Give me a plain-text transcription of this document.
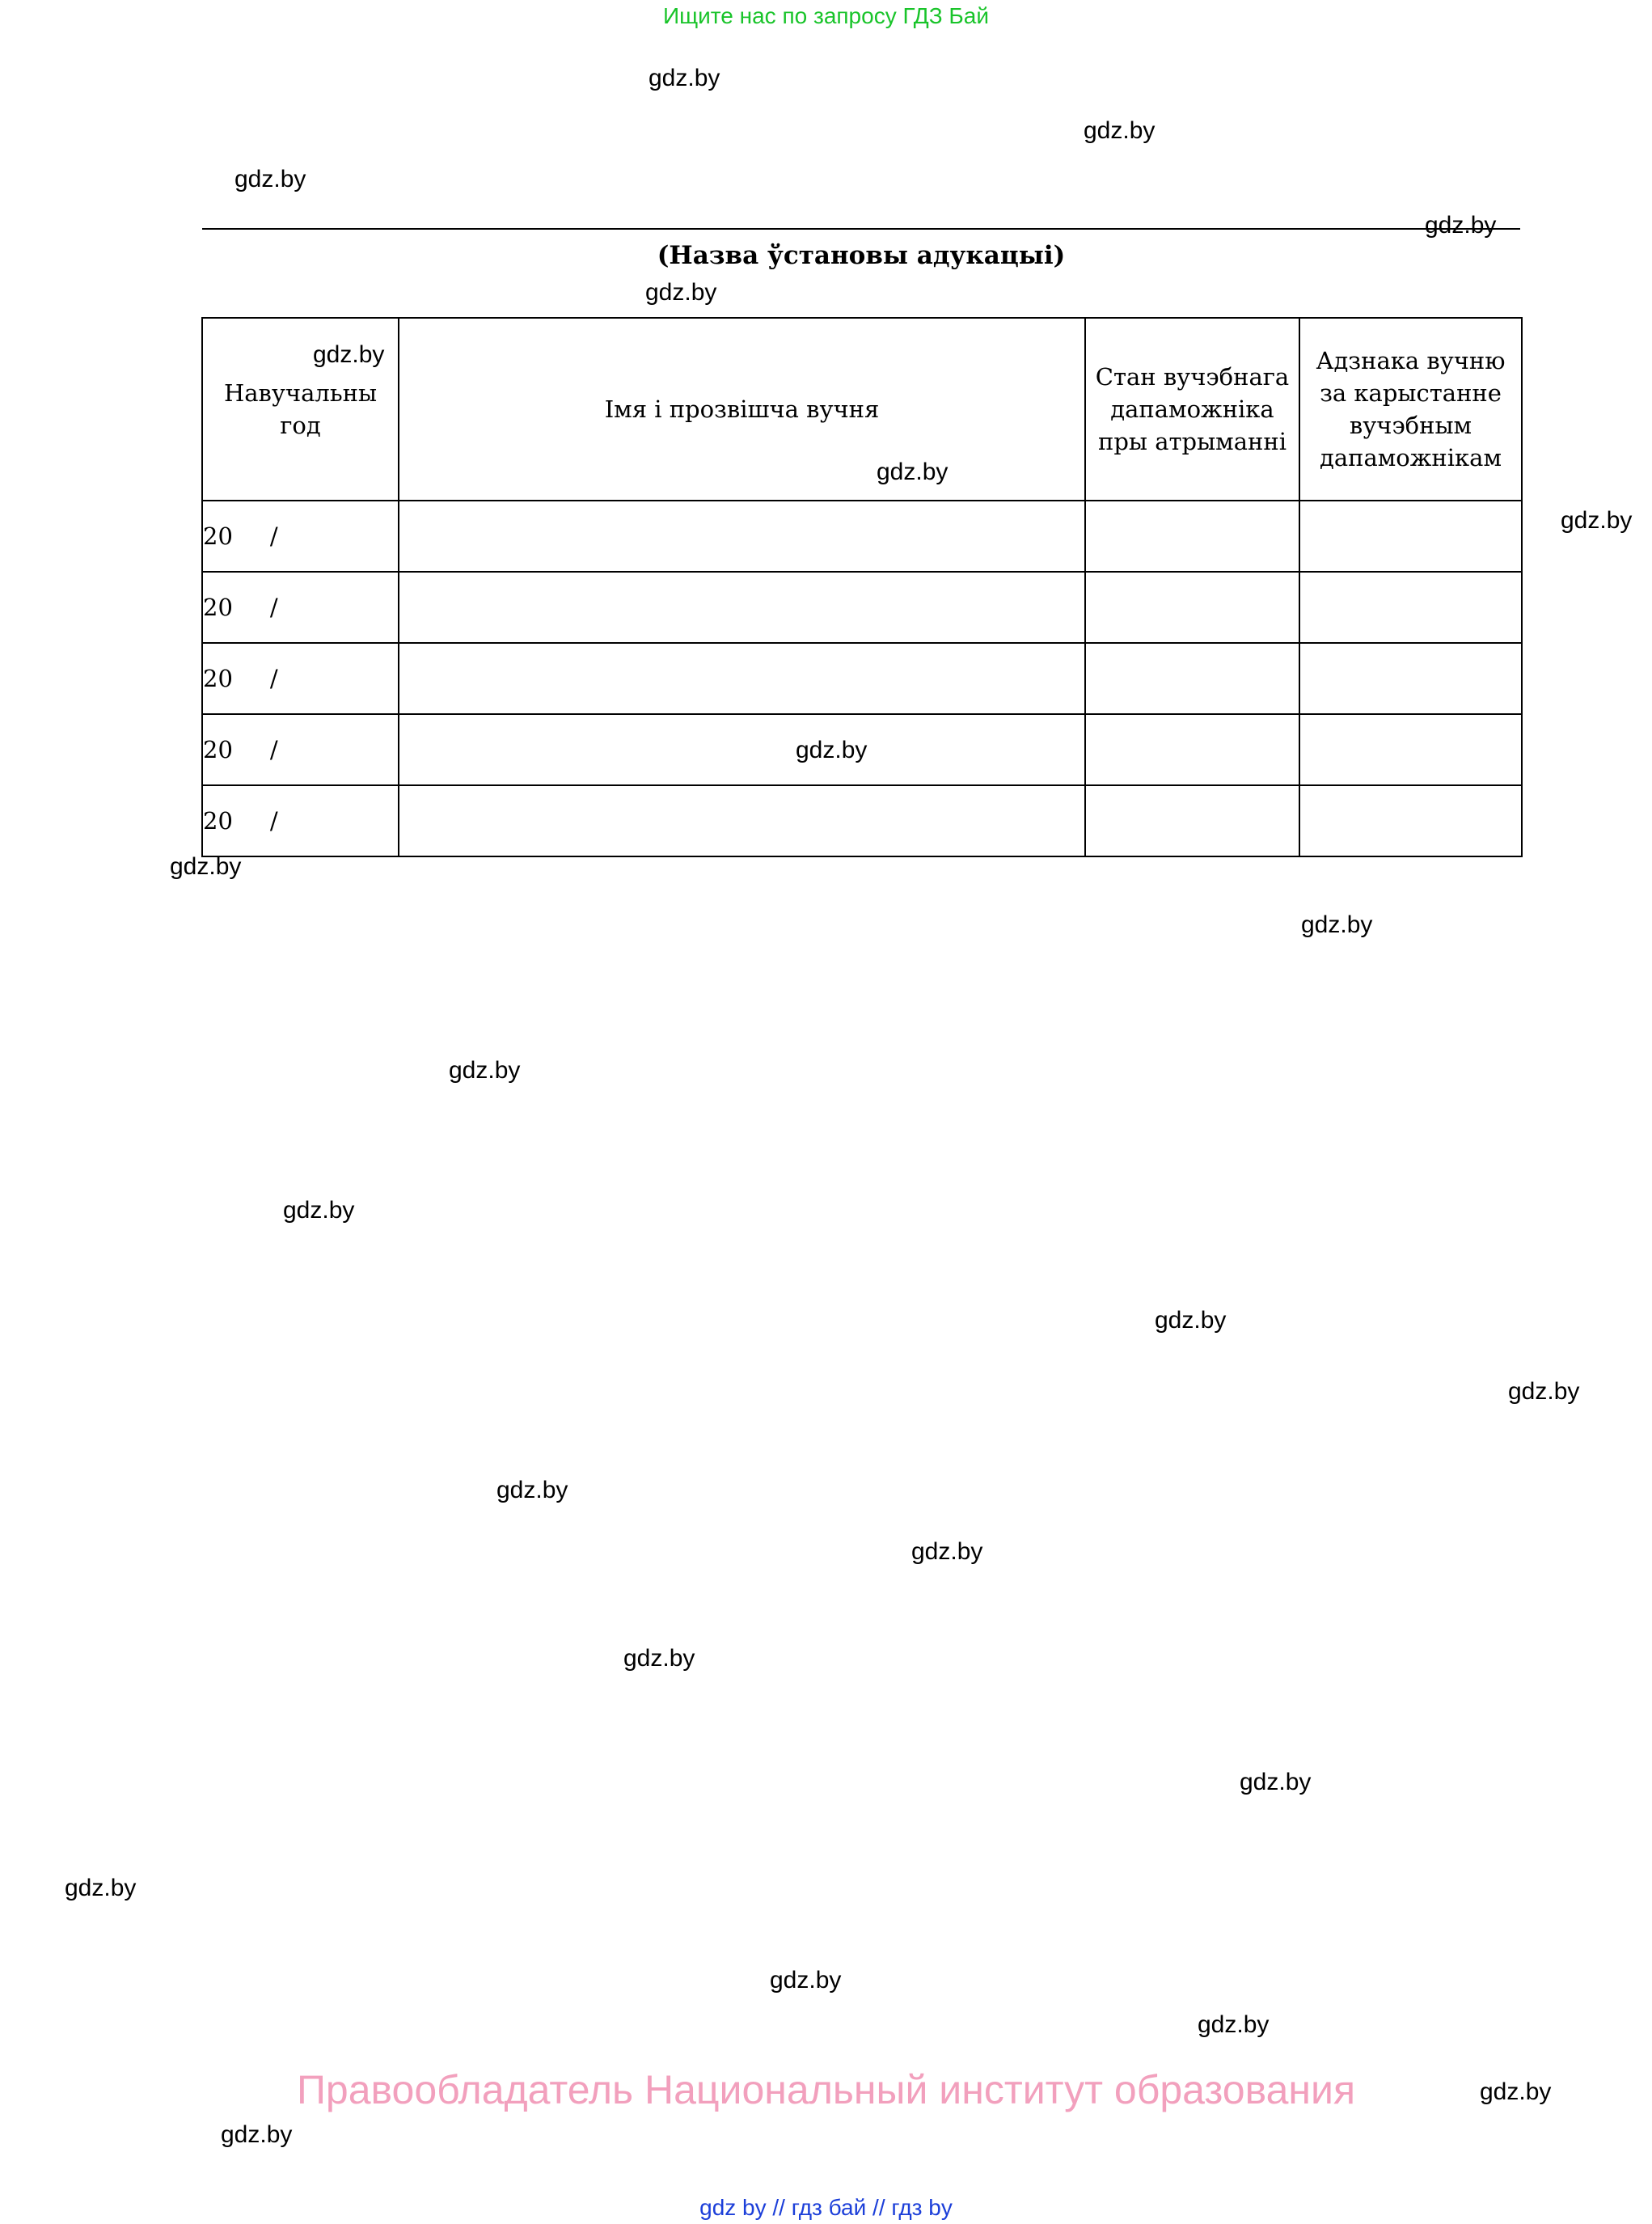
Ищите нас по запросу ГДЗ Бай
(Назва ўстановы адукацыі)
Навучальны год	Імя і прозвішча вучня	Стан вучэбнага дапаможніка пры атрыманні	Адзнака вучню за карыстанне вучэбным дапаможнікам
20 /			
20 /			
20 /			
20 /			
20 /			
gdz.by
gdz.by
gdz.by
gdz.by
gdz.by
gdz.by
gdz.by
gdz.by
gdz.by
gdz.by
gdz.by
gdz.by
gdz.by
gdz.by
gdz.by
gdz.by
gdz.by
gdz.by
gdz.by
gdz.by
gdz.by
gdz.by
gdz.by
gdz.by
Правообладатель Национальный институт образования
gdz by // гдз бай // гдз by
